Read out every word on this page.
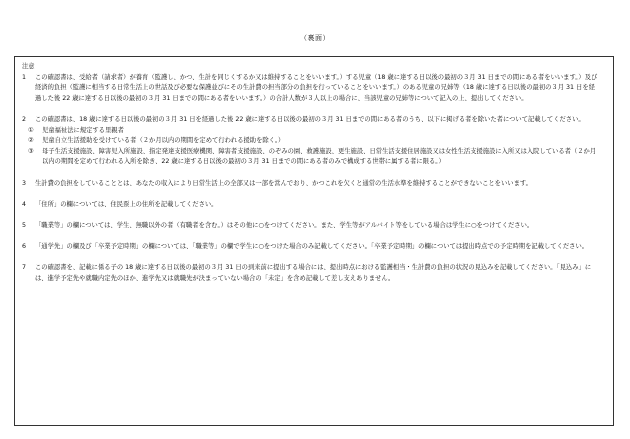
（裏面）
注意
1 この確認書は、受給者（請求者）が養育（監護し、かつ、生計を同じくするか又は維持することをいいます。）する児童（18 歳に達する日以後の最初の３月 31 日までの間にある者をいいます。）及び経済的負担（監護に相当する日常生活上の世話及び必要な保護並びにその生計費の担当部分の負担を行っていることをいいます。）のある児童の兄姉等（18 歳に達する日以後の最初の３月 31 日を経過した後 22 歳に達する日以後の最初の３月 31 日までの間にある者をいいます。）の合計人数が３人以上の場合に、当該児童の兄姉等について記入の上、提出してください。
2 この確認書は、18 歳に達する日以後の最初の３月 31 日を経過した後 22 歳に達する日以後の最初の３月 31 日までの間にある者のうち、以下に掲げる者を除いた者について記載してください。
① 児童福祉法に規定する里親者
② 児童自立生活援助を受けている者（２か月以内の期間を定めて行われる援助を除く。）
③ 母子生活支援施設、障害児入所施設、指定発達支援医療機関、障害者支援施設、のぞみの園、救護施設、更生施設、日常生活支援住居施設又は女性生活支援施設に入所又は入院している者（２か月以内の期間を定めて行われる入所を除き、22 歳に達する日以後の最初の３月 31 日までの間にある者のみで構成する世帯に属する者に限る。）
3 生計費の負担をしていることとは、あなたの収入により日常生活上の全部又は一部を営んでおり、かつこれを欠くと通常の生活水準を維持することができないことをいいます。
4 「住所」の欄については、住民票上の住所を記載してください。
5 「職業等」の欄については、学生、無職以外の者（有職者を含む。）はその他に○をつけてください。また、学生等がアルバイト等をしている場合は学生に○をつけてください。
6 「通学先」の欄及び「卒業予定時期」の欄については、「職業等」の欄で学生に○をつけた場合のみ記載してください。「卒業予定時期」の欄については提出時点での予定時期を記載してください。
7 この確認書を、記載に係る子の 18 歳に達する日以後の最初の３月 31 日の到来前に提出する場合には、提出時点における監護相当・生計費の負担の状況の見込みを記載してください。「見込み」には、進学予定先や就職内定先のほか、進学先又は就職先が決まっていない場合の「未定」を含め記載して差し支えありません。
